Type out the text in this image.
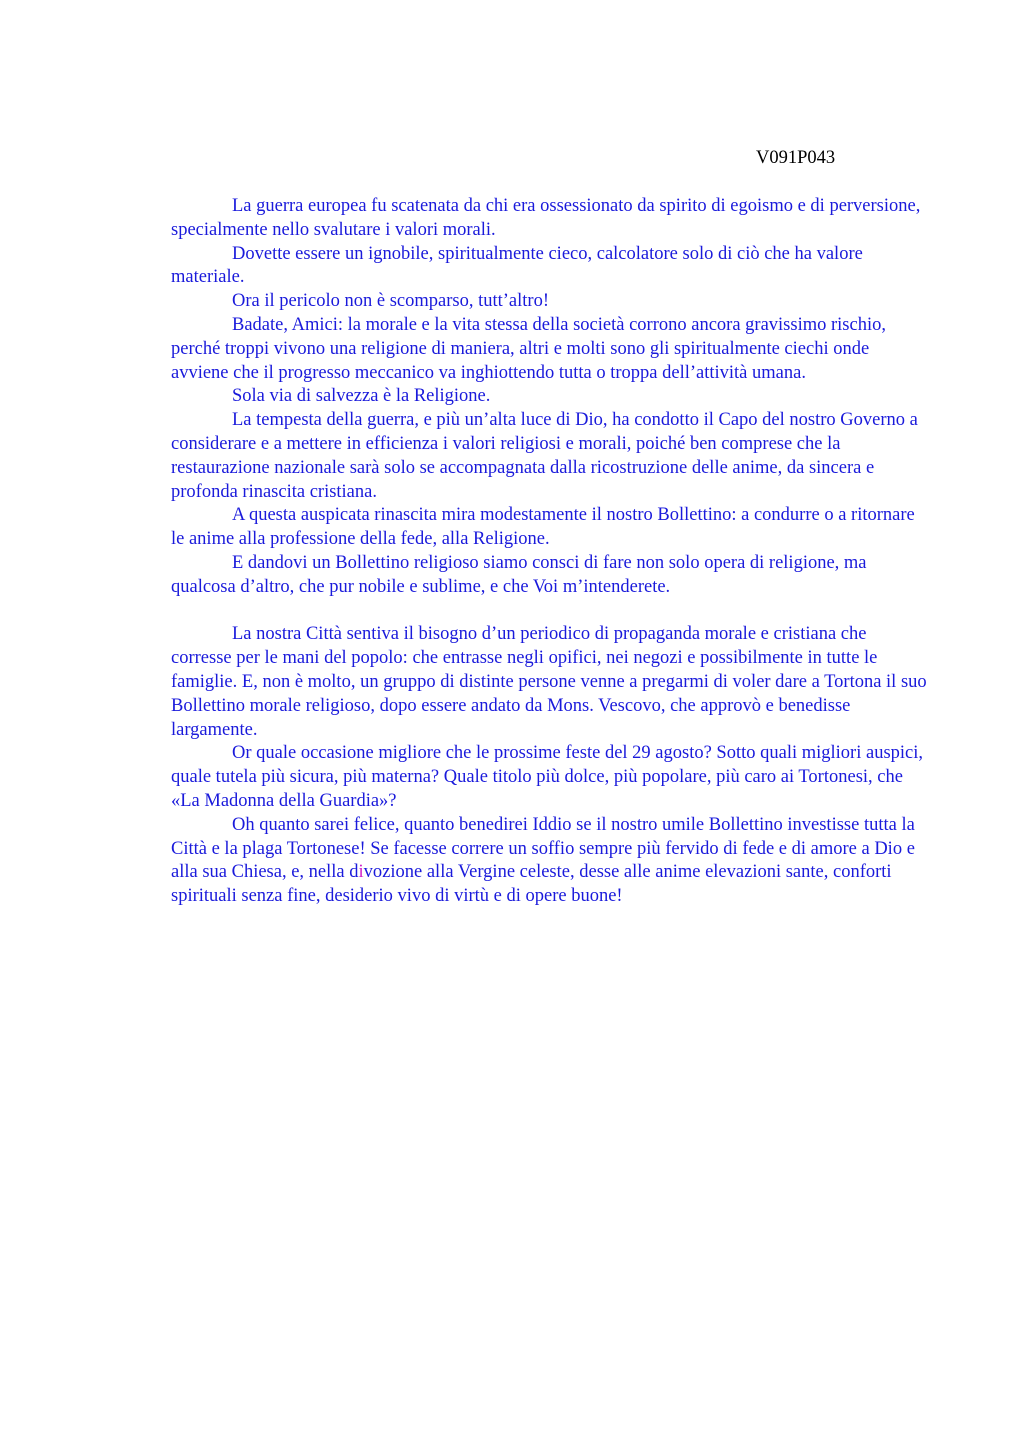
V091P043

La guerra europea fu scatenata da chi era ossessionato da spirito di egoismo e di perversione, specialmente nello svalutare i valori morali.

Dovette essere un ignobile, spiritualmente cieco, calcolatore solo di ciò che ha valore materiale.

Ora il pericolo non è scomparso, tutt’altro!

Badate, Amici: la morale e la vita stessa della società corrono ancora gravissimo rischio, perché troppi vivono una religione di maniera, altri e molti sono gli spiritualmente ciechi onde avviene che il progresso meccanico va inghiottendo tutta o troppa dell’attività umana.

Sola via di salvezza è la Religione.

La tempesta della guerra, e più un’alta luce di Dio, ha condotto il Capo del nostro Governo a considerare e a mettere in efficienza i valori religiosi e morali, poiché ben comprese che la restaurazione nazionale sarà solo se accompagnata dalla ricostruzione delle anime, da sincera e profonda rinascita cristiana.

A questa auspicata rinascita mira modestamente il nostro Bollettino: a condurre o a ritornare le anime alla professione della fede, alla Religione.

E dandovi un Bollettino religioso siamo consci di fare non solo opera di religione, ma qualcosa d’altro, che pur nobile e sublime, e che Voi m’intenderete.

La nostra Città sentiva il bisogno d’un periodico di propaganda morale e cristiana che corresse per le mani del popolo: che entrasse negli opifici, nei negozi e possibilmente in tutte le famiglie. E, non è molto, un gruppo di distinte persone venne a pregarmi di voler dare a Tortona il suo Bollettino morale religioso, dopo essere andato da Mons. Vescovo, che approvò e benedisse largamente.

Or quale occasione migliore che le prossime feste del 29 agosto? Sotto quali migliori auspici, quale tutela più sicura, più materna? Quale titolo più dolce, più popolare, più caro ai Tortonesi, che «La Madonna della Guardia»?

Oh quanto sarei felice, quanto benedirei Iddio se il nostro umile Bollettino investisse tutta la Città e la plaga Tortonese! Se facesse correre un soffio sempre più fervido di fede e di amore a Dio e alla sua Chiesa, e, nella divozione alla Vergine celeste, desse alle anime elevazioni sante, conforti spirituali senza fine, desiderio vivo di virtù e di opere buone!
